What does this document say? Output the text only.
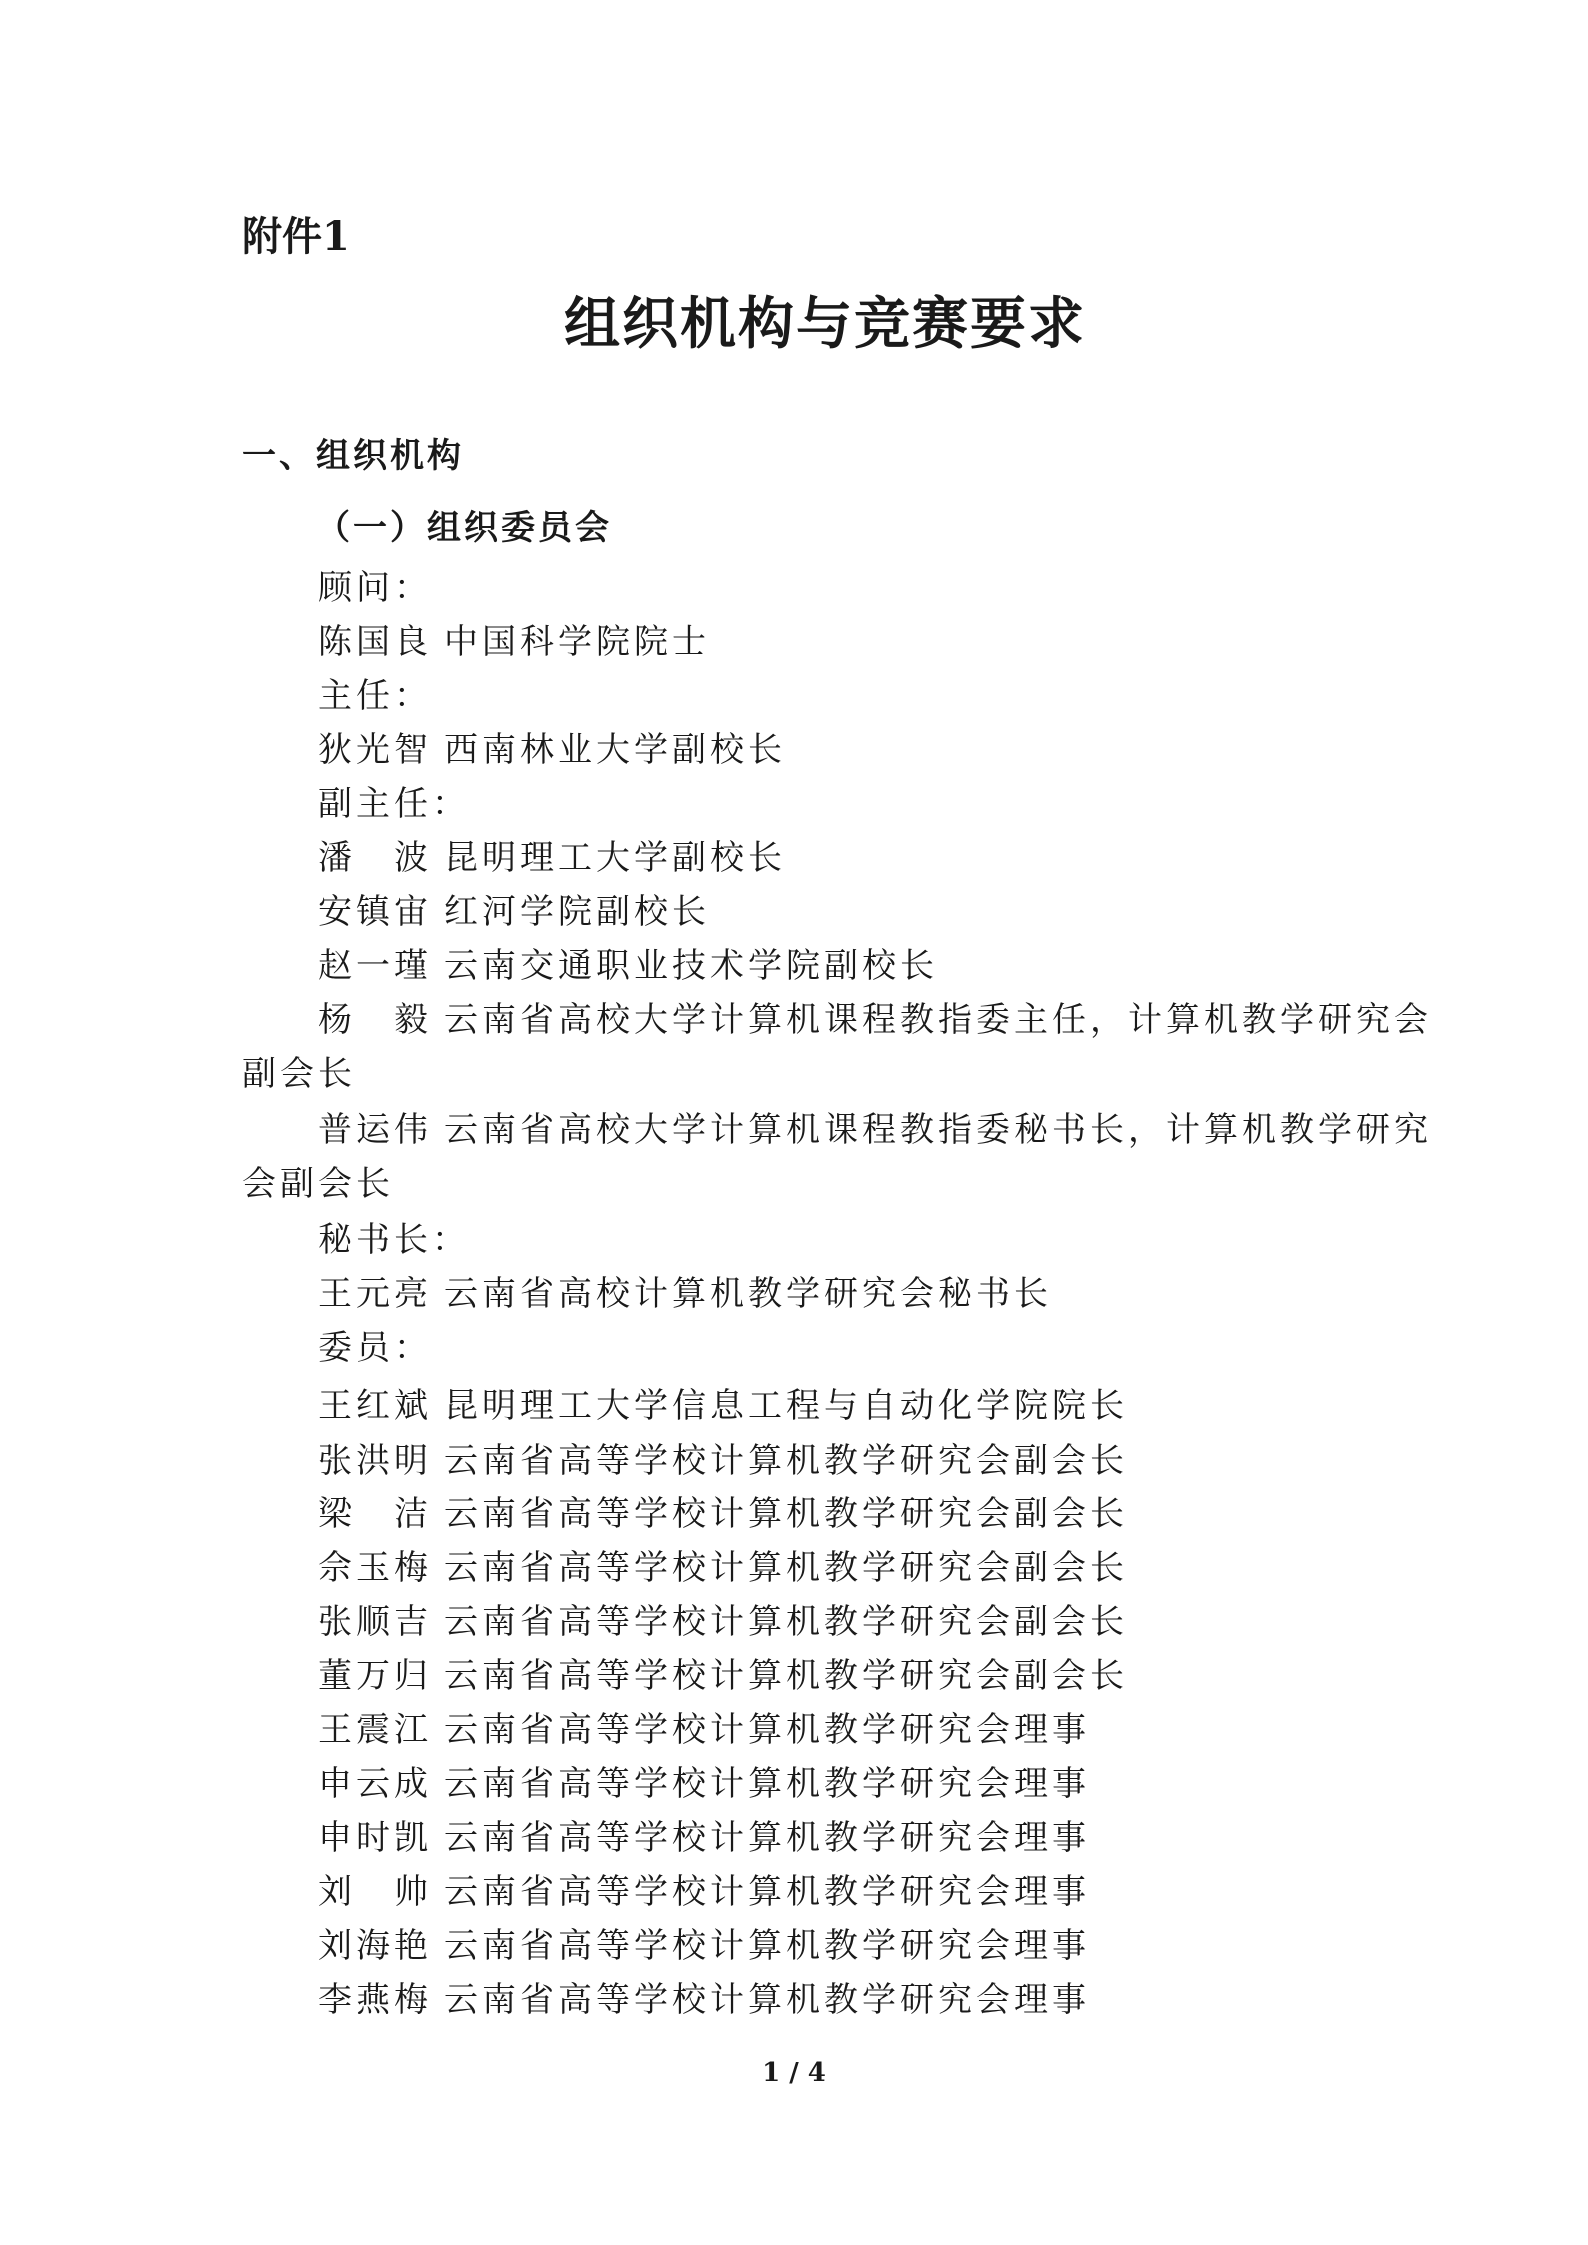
附件1
组织机构与竞赛要求
一、组织机构
（一）组织委员会
顾问：
陈国良 中国科学院院士
主任：
狄光智 西南林业大学副校长
副主任：
潘　波 昆明理工大学副校长
安镇宙 红河学院副校长
赵一瑾 云南交通职业技术学院副校长
杨　毅 云南省高校大学计算机课程教指委主任，计算机教学研究会
副会长
普运伟 云南省高校大学计算机课程教指委秘书长，计算机教学研究
会副会长
秘书长：
王元亮 云南省高校计算机教学研究会秘书长
委员：
王红斌 昆明理工大学信息工程与自动化学院院长
张洪明 云南省高等学校计算机教学研究会副会长
梁　洁 云南省高等学校计算机教学研究会副会长
佘玉梅 云南省高等学校计算机教学研究会副会长
张顺吉 云南省高等学校计算机教学研究会副会长
董万归 云南省高等学校计算机教学研究会副会长
王震江 云南省高等学校计算机教学研究会理事
申云成 云南省高等学校计算机教学研究会理事
申时凯 云南省高等学校计算机教学研究会理事
刘　帅 云南省高等学校计算机教学研究会理事
刘海艳 云南省高等学校计算机教学研究会理事
李燕梅 云南省高等学校计算机教学研究会理事
1 / 4
